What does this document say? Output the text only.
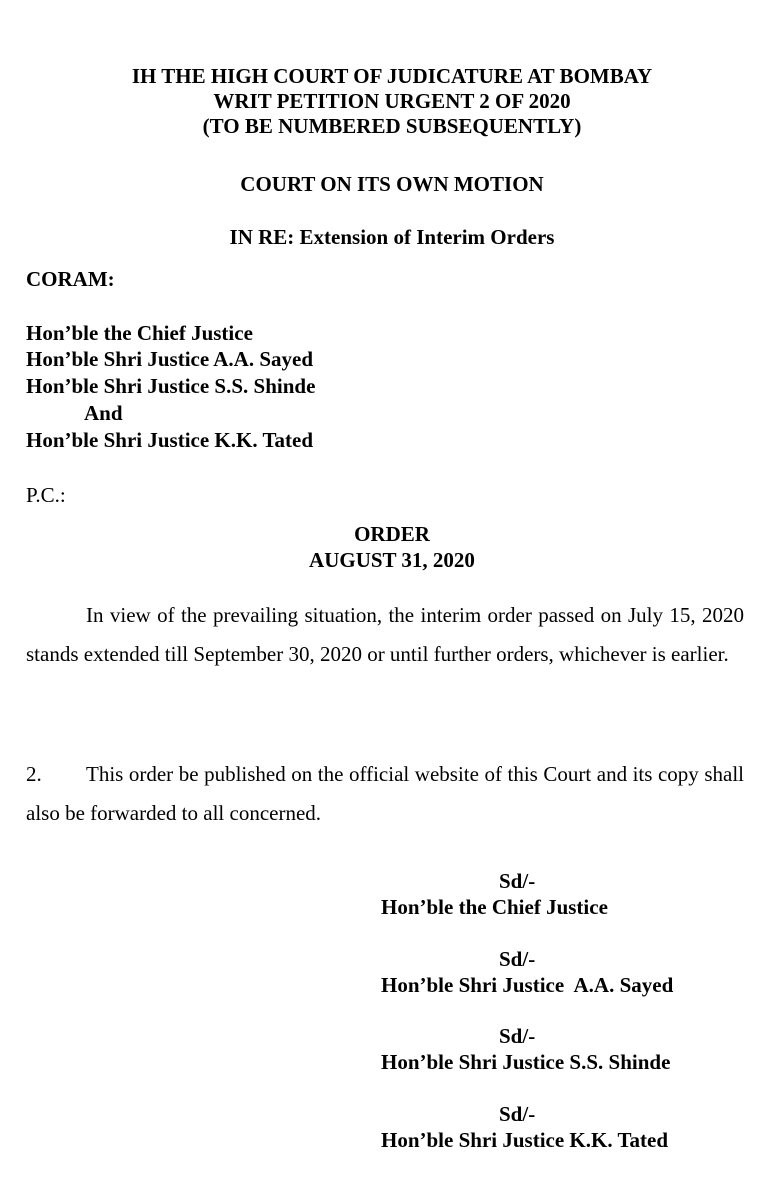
IH THE HIGH COURT OF JUDICATURE AT BOMBAY
WRIT PETITION URGENT 2 OF 2020
(TO BE NUMBERED SUBSEQUENTLY)
COURT ON ITS OWN MOTION
IN RE: Extension of Interim Orders
CORAM:
Hon’ble the Chief Justice
Hon’ble Shri Justice A.A. Sayed
Hon’ble Shri Justice S.S. Shinde
And
Hon’ble Shri Justice K.K. Tated
P.C.:
ORDER
AUGUST 31, 2020
In view of the prevailing situation, the interim order passed on July 15, 2020 stands extended till September 30, 2020 or until further orders, whichever is earlier.
2. This order be published on the official website of this Court and its copy shall also be forwarded to all concerned.
Sd/-
Hon’ble the Chief Justice
Sd/-
Hon’ble Shri Justice  A.A. Sayed
Sd/-
Hon’ble Shri Justice S.S. Shinde
Sd/-
Hon’ble Shri Justice K.K. Tated
